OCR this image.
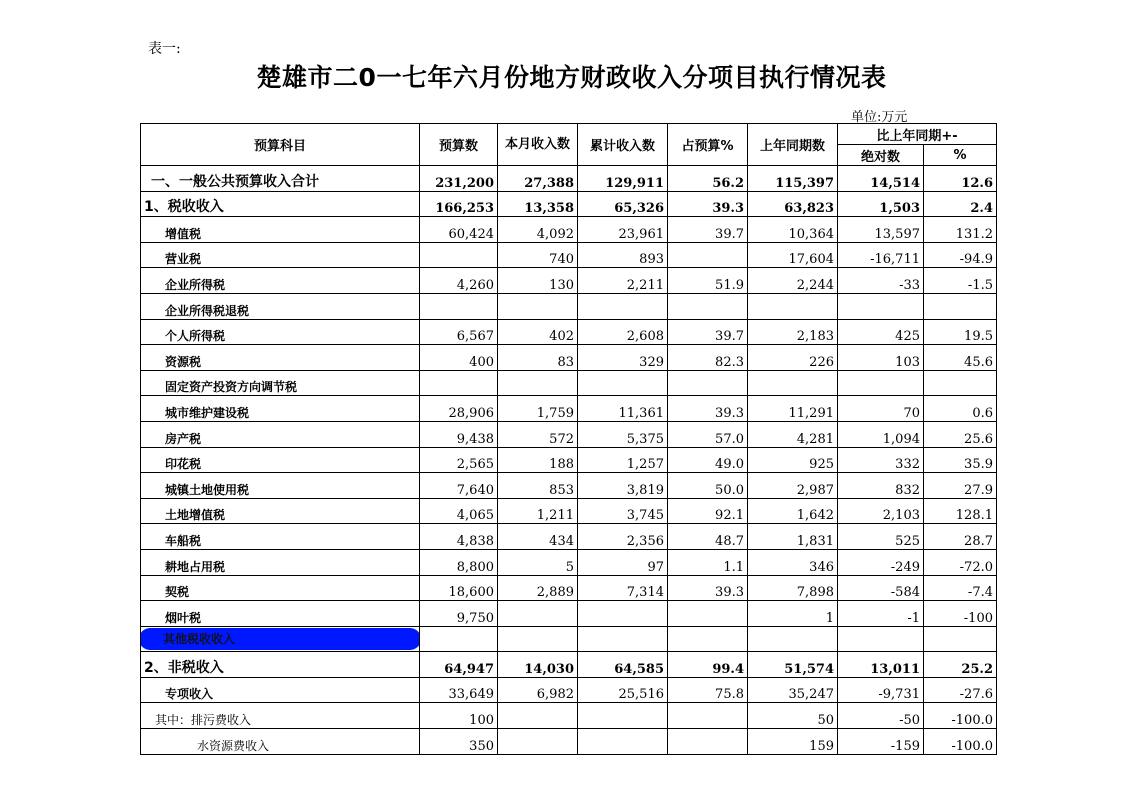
表一:
楚雄市二0一七年六月份地方财政收入分项目执行情况表
单位:万元
预算科目	预算数	本月收入数	累计收入数	占预算%	上年同期数	比上年同期+-	
						绝对数	%
一、一般公共预算收入合计	231,200	27,388	129,911	56.2	115,397	14,514	12.6
1、税收收入	166,253	13,358	65,326	39.3	63,823	1,503	2.4
增值税	60,424	4,092	23,961	39.7	10,364	13,597	131.2
营业税		740	893		17,604	-16,711	-94.9
企业所得税	4,260	130	2,211	51.9	2,244	-33	-1.5
企业所得税退税							
个人所得税	6,567	402	2,608	39.7	2,183	425	19.5
资源税	400	83	329	82.3	226	103	45.6
固定资产投资方向调节税							
城市维护建设税	28,906	1,759	11,361	39.3	11,291	70	0.6
房产税	9,438	572	5,375	57.0	4,281	1,094	25.6
印花税	2,565	188	1,257	49.0	925	332	35.9
城镇土地使用税	7,640	853	3,819	50.0	2,987	832	27.9
土地增值税	4,065	1,211	3,745	92.1	1,642	2,103	128.1
车船税	4,838	434	2,356	48.7	1,831	525	28.7
耕地占用税	8,800	5	97	1.1	346	-249	-72.0
契税	18,600	2,889	7,314	39.3	7,898	-584	-7.4
烟叶税	9,750				1	-1	-100

其他税收收入							

2、非税收入	64,947	14,030	64,585	99.4	51,574	13,011	25.2
专项收入	33,649	6,982	25,516	75.8	35,247	-9,731	-27.6
其中：排污费收入	100				50	-50	-100.0
水资源费收入	350				159	-159	-100.0
